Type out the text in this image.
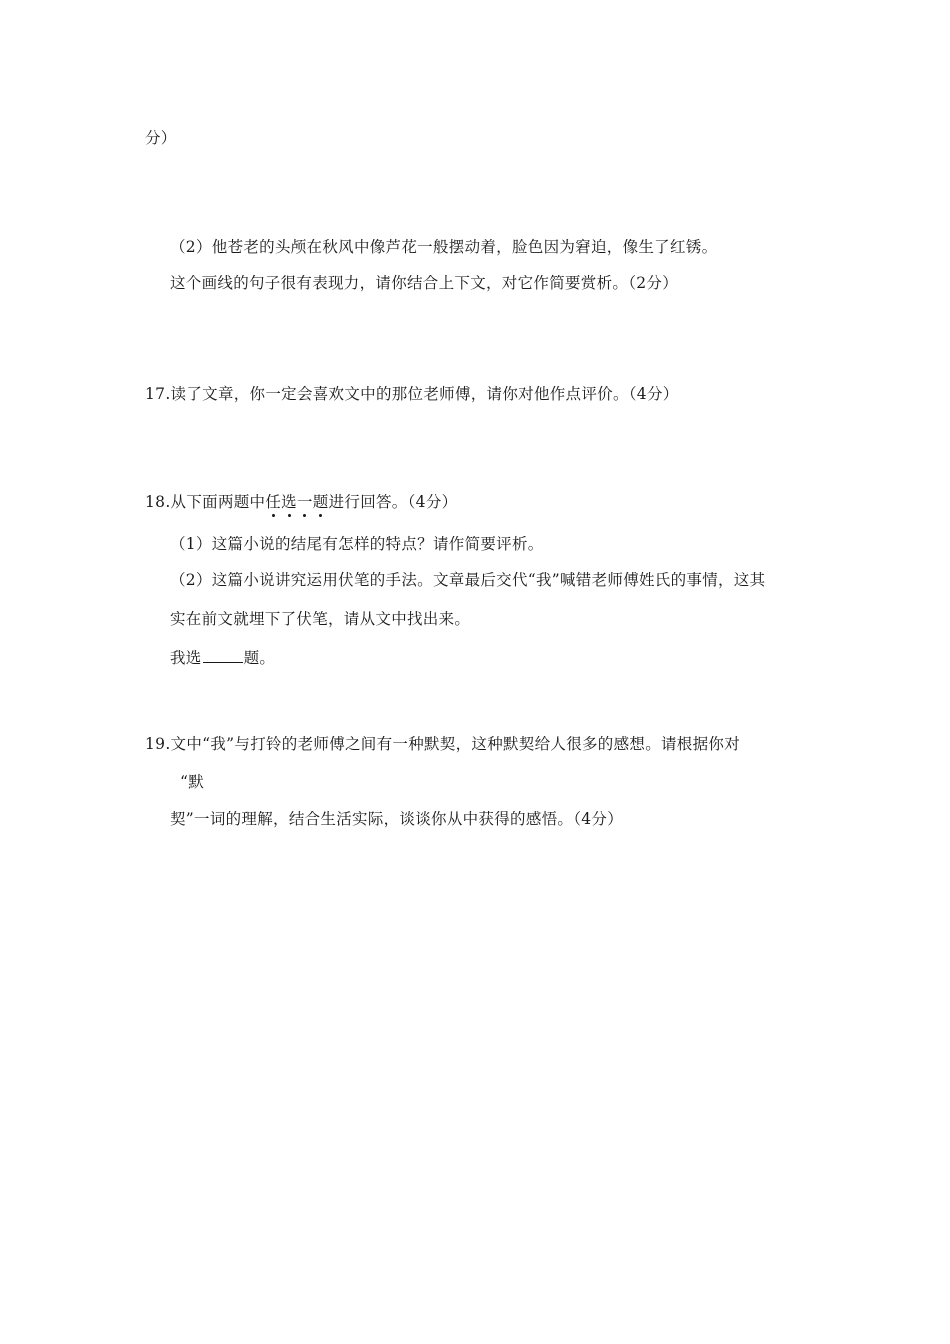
分）
（2）他苍老的头颅在秋风中像芦花一般摆动着，脸色因为窘迫，像生了红锈。
这个画线的句子很有表现力，请你结合上下文，对它作简要赏析。（2分）
17.读了文章，你一定会喜欢文中的那位老师傅，请你对他作点评价。（4分）
18.从下面两题中任选一题进行回答。（4分）
（1）这篇小说的结尾有怎样的特点？请作简要评析。
（2）这篇小说讲究运用伏笔的手法。文章最后交代“我”喊错老师傅姓氏的事情，这其
实在前文就埋下了伏笔，请从文中找出来。
我选	题。
19.文中“我”与打铃的老师傅之间有一种默契，这种默契给人很多的感想。请根据你对
“默
契”一词的理解，结合生活实际，谈谈你从中获得的感悟。（4分）
